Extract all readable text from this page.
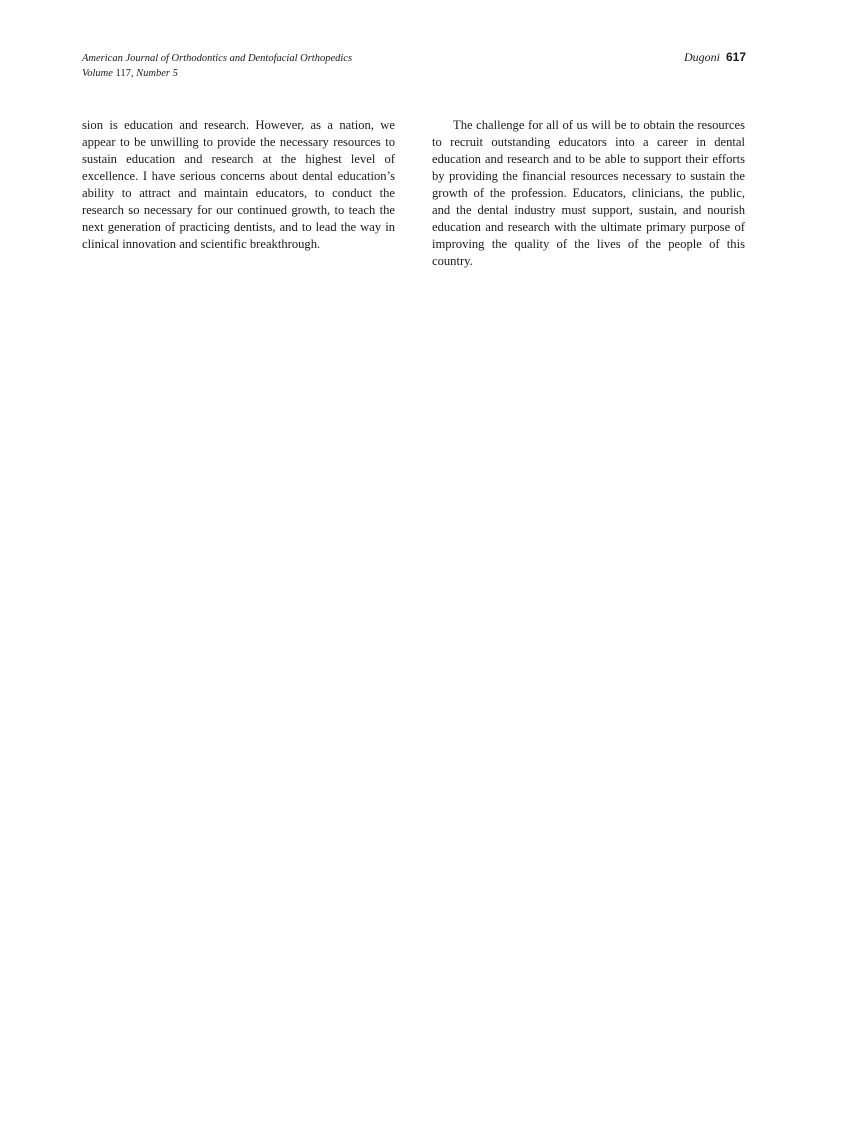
American Journal of Orthodontics and Dentofacial Orthopedics
Volume 117, Number 5
Dugoni 617

sion is education and research. However, as a nation, we appear to be unwilling to provide the necessary resources to sustain education and research at the highest level of excellence. I have serious concerns about dental education’s ability to attract and maintain educators, to conduct the research so necessary for our continued growth, to teach the next generation of practicing dentists, and to lead the way in clinical innovation and scientific breakthrough.

The challenge for all of us will be to obtain the resources to recruit outstanding educators into a career in dental education and research and to be able to support their efforts by providing the financial resources necessary to sustain the growth of the profession. Educators, clinicians, the public, and the dental industry must support, sustain, and nourish education and research with the ultimate primary purpose of improving the quality of the lives of the people of this country.
